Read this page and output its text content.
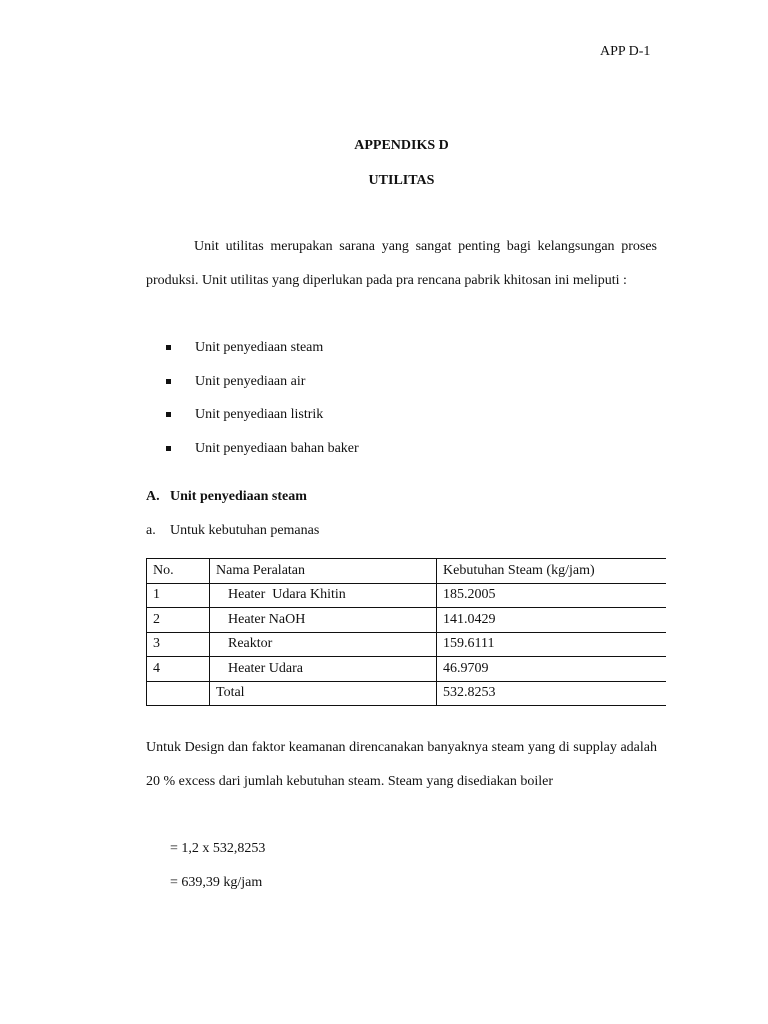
APP D-1
APPENDIKS D
UTILITAS
Unit utilitas merupakan sarana yang sangat penting bagi kelangsungan proses produksi. Unit utilitas yang diperlukan pada pra rencana pabrik khitosan ini meliputi :
Unit penyediaan steam
Unit penyediaan air
Unit penyediaan listrik
Unit penyediaan bahan baker
A. Unit penyediaan steam
a. Untuk kebutuhan pemanas
No.	Nama Peralatan	Kebutuhan Steam (kg/jam)
1	Heater  Udara Khitin	185.2005
2	Heater NaOH	141.0429
3	Reaktor	159.6111
4	Heater Udara	46.9709
	Total	532.8253
Untuk Design dan faktor keamanan direncanakan banyaknya steam yang di supplay adalah 20 % excess dari jumlah kebutuhan steam. Steam yang disediakan boiler
= 1,2 x 532,8253
= 639,39 kg/jam
